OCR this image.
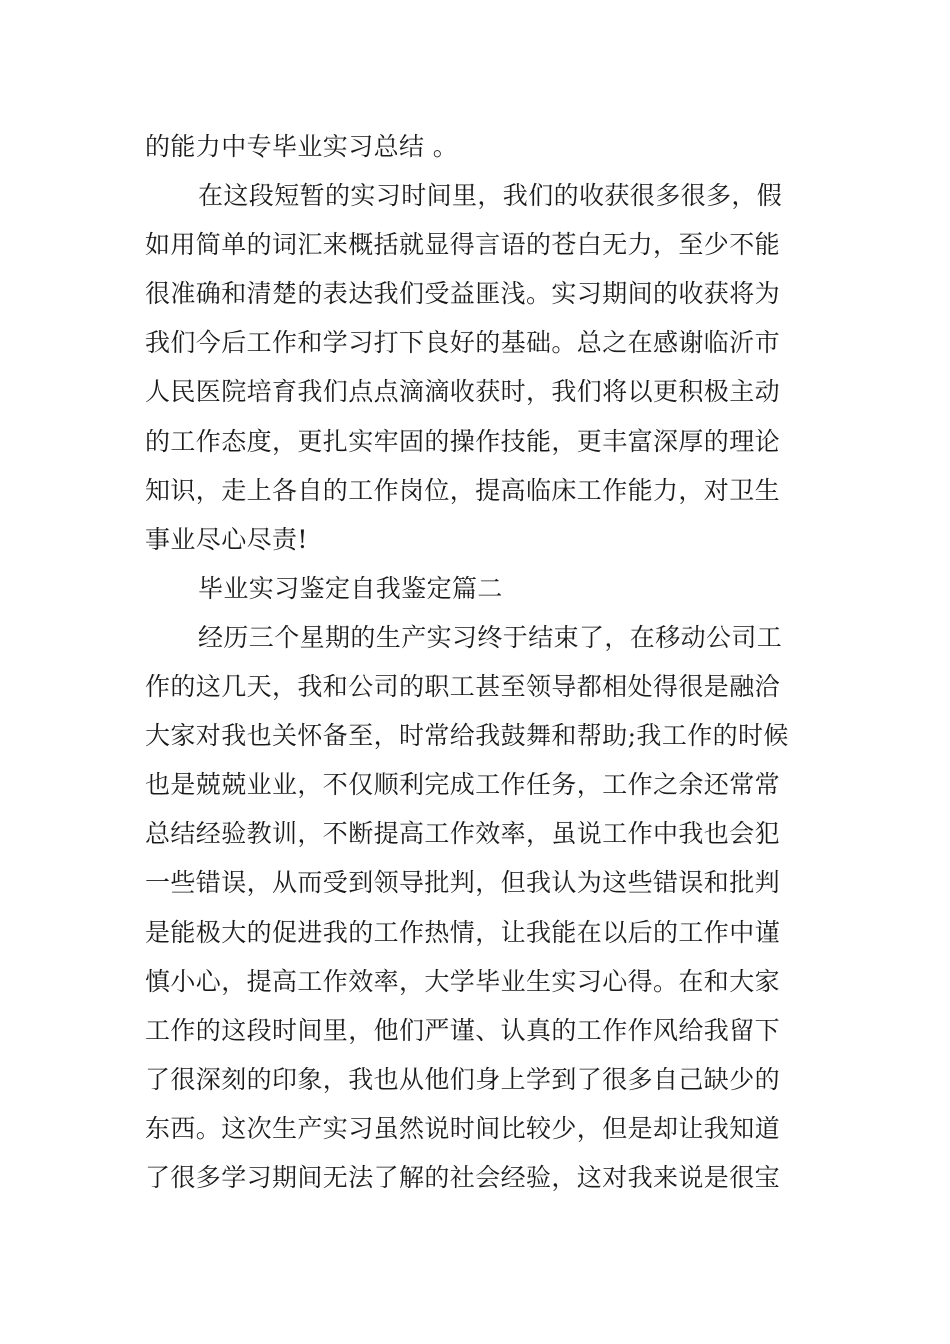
的能力中专毕业实习总结 。
在这段短暂的实习时间里，我们的收获很多很多，假
如用简单的词汇来概括就显得言语的苍白无力，至少不能
很准确和清楚的表达我们受益匪浅。实习期间的收获将为
我们今后工作和学习打下良好的基础。总之在感谢临沂市
人民医院培育我们点点滴滴收获时，我们将以更积极主动
的工作态度，更扎实牢固的操作技能，更丰富深厚的理论
知识，走上各自的工作岗位，提高临床工作能力，对卫生
事业尽心尽责!
毕业实习鉴定自我鉴定篇二
经历三个星期的生产实习终于结束了，在移动公司工
作的这几天，我和公司的职工甚至领导都相处得很是融洽
大家对我也关怀备至，时常给我鼓舞和帮助;我工作的时候
也是兢兢业业，不仅顺利完成工作任务，工作之余还常常
总结经验教训，不断提高工作效率，虽说工作中我也会犯
一些错误，从而受到领导批判，但我认为这些错误和批判
是能极大的促进我的工作热情，让我能在以后的工作中谨
慎小心，提高工作效率，大学毕业生实习心得。在和大家
工作的这段时间里，他们严谨、认真的工作作风给我留下
了很深刻的印象，我也从他们身上学到了很多自己缺少的
东西。这次生产实习虽然说时间比较少，但是却让我知道
了很多学习期间无法了解的社会经验，这对我来说是很宝
